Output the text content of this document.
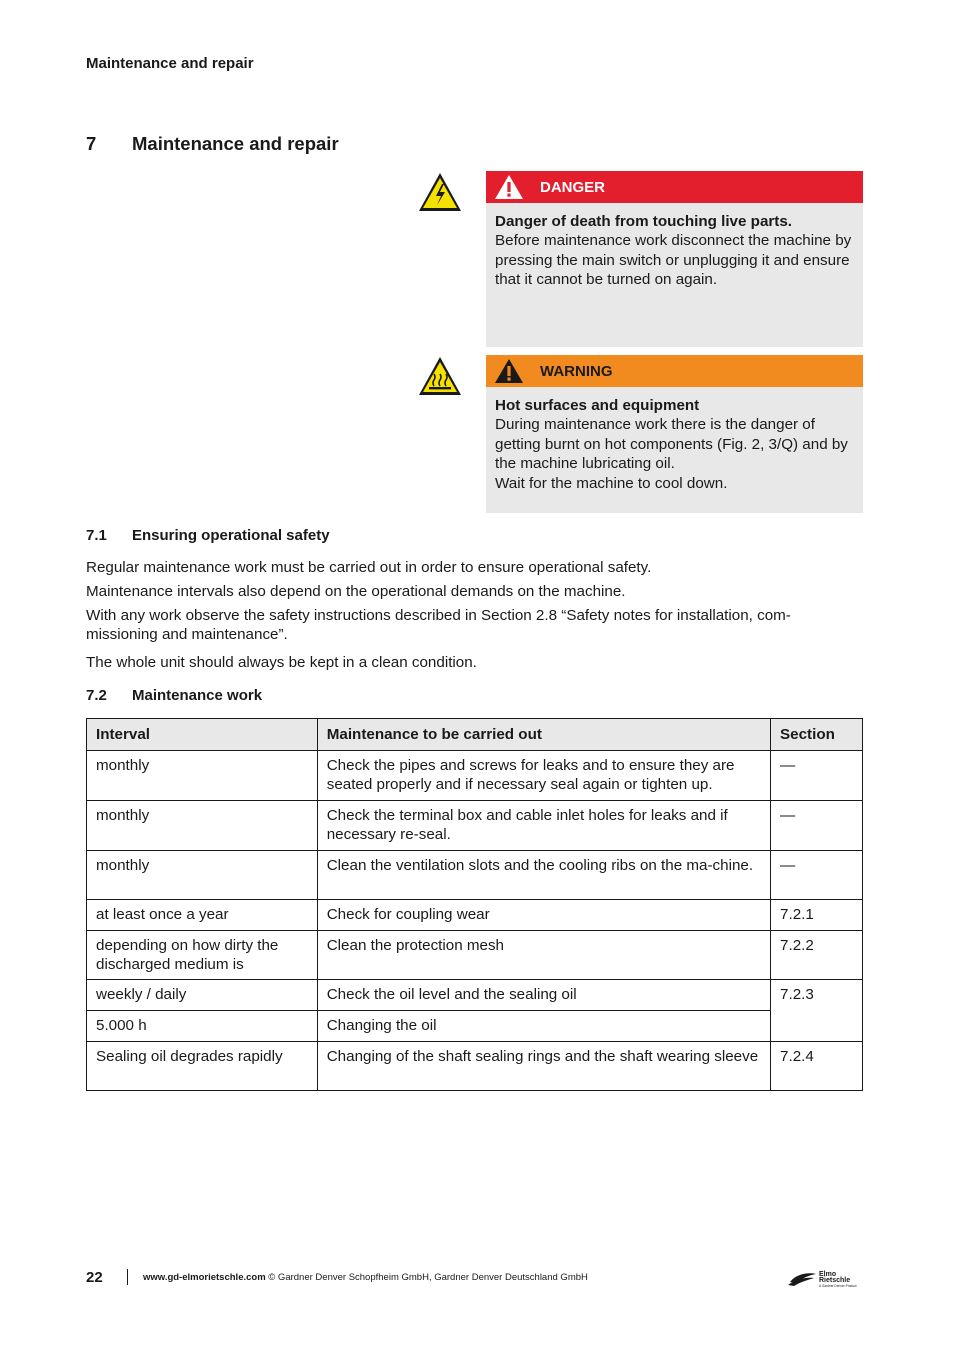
Maintenance and repair
7 Maintenance and repair
DANGER
Danger of death from touching live parts.
Before maintenance work disconnect the machine by pressing the main switch or unplugging it and ensure that it cannot be turned on again.
WARNING
Hot surfaces and equipment
During maintenance work there is the danger of getting burnt on hot components (Fig. 2, 3/Q) and by the machine lubricating oil.
Wait for the machine to cool down.
7.1 Ensuring operational safety
Regular maintenance work must be carried out in order to ensure operational safety.
Maintenance intervals also depend on the operational demands on the machine.
With any work observe the safety instructions described in Section 2.8 “Safety notes for installation, com-missioning and maintenance”.
The whole unit should always be kept in a clean condition.
7.2 Maintenance work
Interval	Maintenance to be carried out	Section
monthly	Check the pipes and screws for leaks and to ensure they are seated properly and if necessary seal again or tighten up.	—
monthly	Check the terminal box and cable inlet holes for leaks and if necessary re-seal.	—
monthly	Clean the ventilation slots and the cooling ribs on the ma-chine.	—
at least once a year	Check for coupling wear	7.2.1
depending on how dirty the discharged medium is	Clean the protection mesh	7.2.2
weekly / daily	Check the oil level and the sealing oil	7.2.3
5.000 h	Changing the oil	
Sealing oil degrades rapidly	Changing of the shaft sealing rings and the shaft wearing sleeve	7.2.4
22	www.gd-elmorietschle.com © Gardner Denver Schopfheim GmbH, Gardner Denver Deutschland GmbH	Elmo
Rietschle
A Gardner Denver Product
